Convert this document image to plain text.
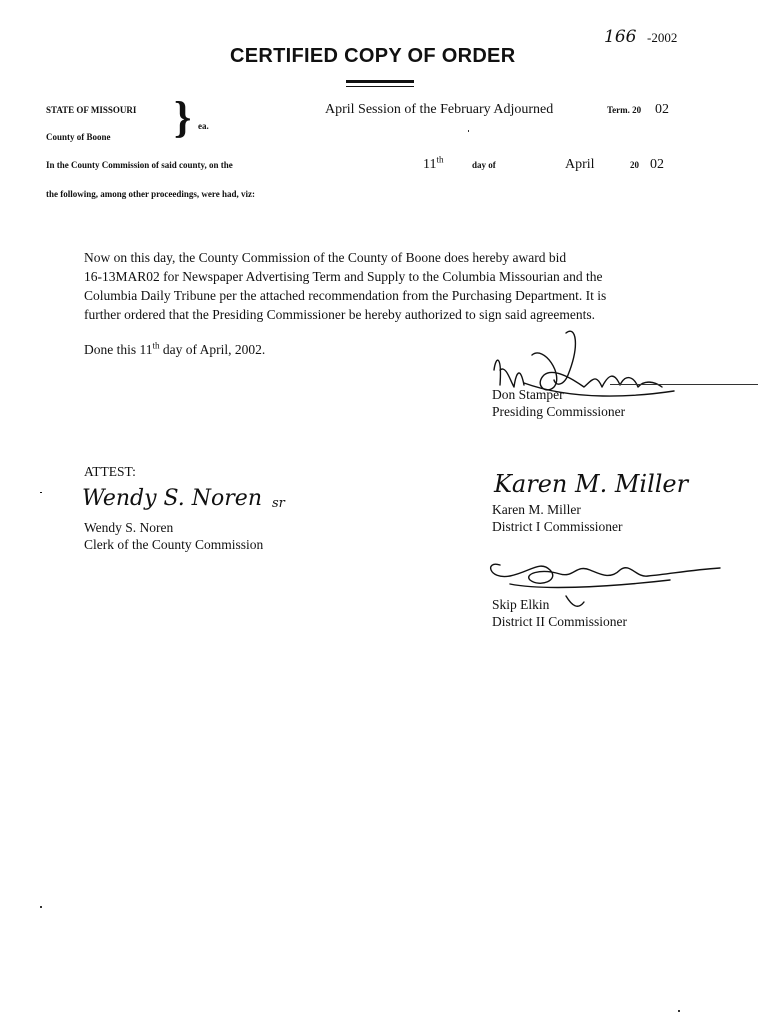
166 -2002
CERTIFIED COPY OF ORDER
STATE OF MISSOURI
County of Boone } ea.
April Session of the February Adjourned	Term. 20 02
In the County Commission of said county, on the	11th
day of	April	20 02
the following, among other proceedings, were had, viz:
Now on this day, the County Commission of the County of Boone does hereby award bid
16-13MAR02 for Newspaper Advertising Term and Supply to the Columbia Missourian and the
Columbia Daily Tribune per the attached recommendation from the Purchasing Department. It is
further ordered that the Presiding Commissioner be hereby authorized to sign said agreements.
Done this 11th day of April, 2002.
Don Stamper
Presiding Commissioner
ATTEST:
Wendy S. Noren sr
Wendy S. Noren
Clerk of the County Commission
Karen M. Miller
Karen M. Miller
District I Commissioner
Skip Elkin
District II Commissioner
